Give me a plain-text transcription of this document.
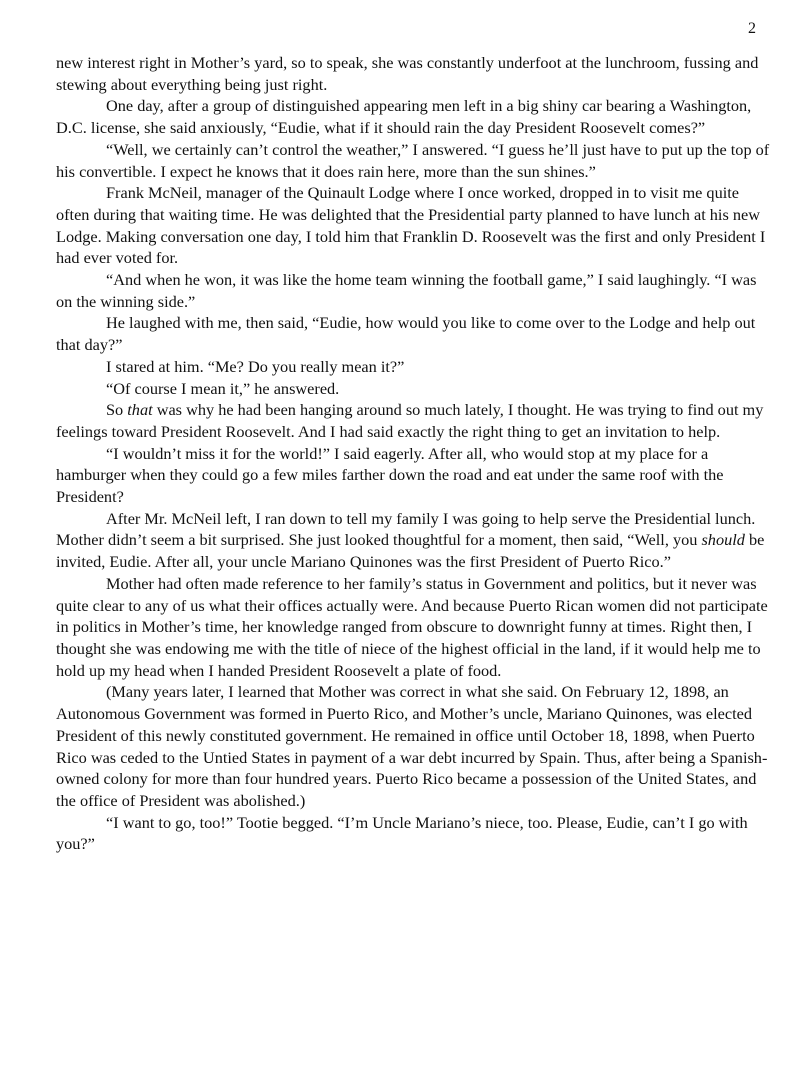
2

new interest right in Mother’s yard, so to speak, she was constantly underfoot at the lunchroom, fussing and stewing about everything being just right.

One day, after a group of distinguished appearing men left in a big shiny car bearing a Washington, D.C. license, she said anxiously, “Eudie, what if it should rain the day President Roosevelt comes?”

“Well, we certainly can’t control the weather,” I answered. “I guess he’ll just have to put up the top of his convertible. I expect he knows that it does rain here, more than the sun shines.”

Frank McNeil, manager of the Quinault Lodge where I once worked, dropped in to visit me quite often during that waiting time. He was delighted that the Presidential party planned to have lunch at his new Lodge. Making conversation one day, I told him that Franklin D. Roosevelt was the first and only President I had ever voted for.

“And when he won, it was like the home team winning the football game,” I said laughingly. “I was on the winning side.”

He laughed with me, then said, “Eudie, how would you like to come over to the Lodge and help out that day?”

I stared at him. “Me? Do you really mean it?”

“Of course I mean it,” he answered.

So that was why he had been hanging around so much lately, I thought. He was trying to find out my feelings toward President Roosevelt. And I had said exactly the right thing to get an invitation to help.

“I wouldn’t miss it for the world!” I said eagerly. After all, who would stop at my place for a hamburger when they could go a few miles farther down the road and eat under the same roof with the President?

After Mr. McNeil left, I ran down to tell my family I was going to help serve the Presidential lunch. Mother didn’t seem a bit surprised. She just looked thoughtful for a moment, then said, “Well, you should be invited, Eudie. After all, your uncle Mariano Quinones was the first President of Puerto Rico.”

Mother had often made reference to her family’s status in Government and politics, but it never was quite clear to any of us what their offices actually were. And because Puerto Rican women did not participate in politics in Mother’s time, her knowledge ranged from obscure to downright funny at times. Right then, I thought she was endowing me with the title of niece of the highest official in the land, if it would help me to hold up my head when I handed President Roosevelt a plate of food.

(Many years later, I learned that Mother was correct in what she said. On February 12, 1898, an Autonomous Government was formed in Puerto Rico, and Mother’s uncle, Mariano Quinones, was elected President of this newly constituted government. He remained in office until October 18, 1898, when Puerto Rico was ceded to the Untied States in payment of a war debt incurred by Spain. Thus, after being a Spanish-owned colony for more than four hundred years. Puerto Rico became a possession of the United States, and the office of President was abolished.)

“I want to go, too!” Tootie begged. “I’m Uncle Mariano’s niece, too. Please, Eudie, can’t I go with you?”
